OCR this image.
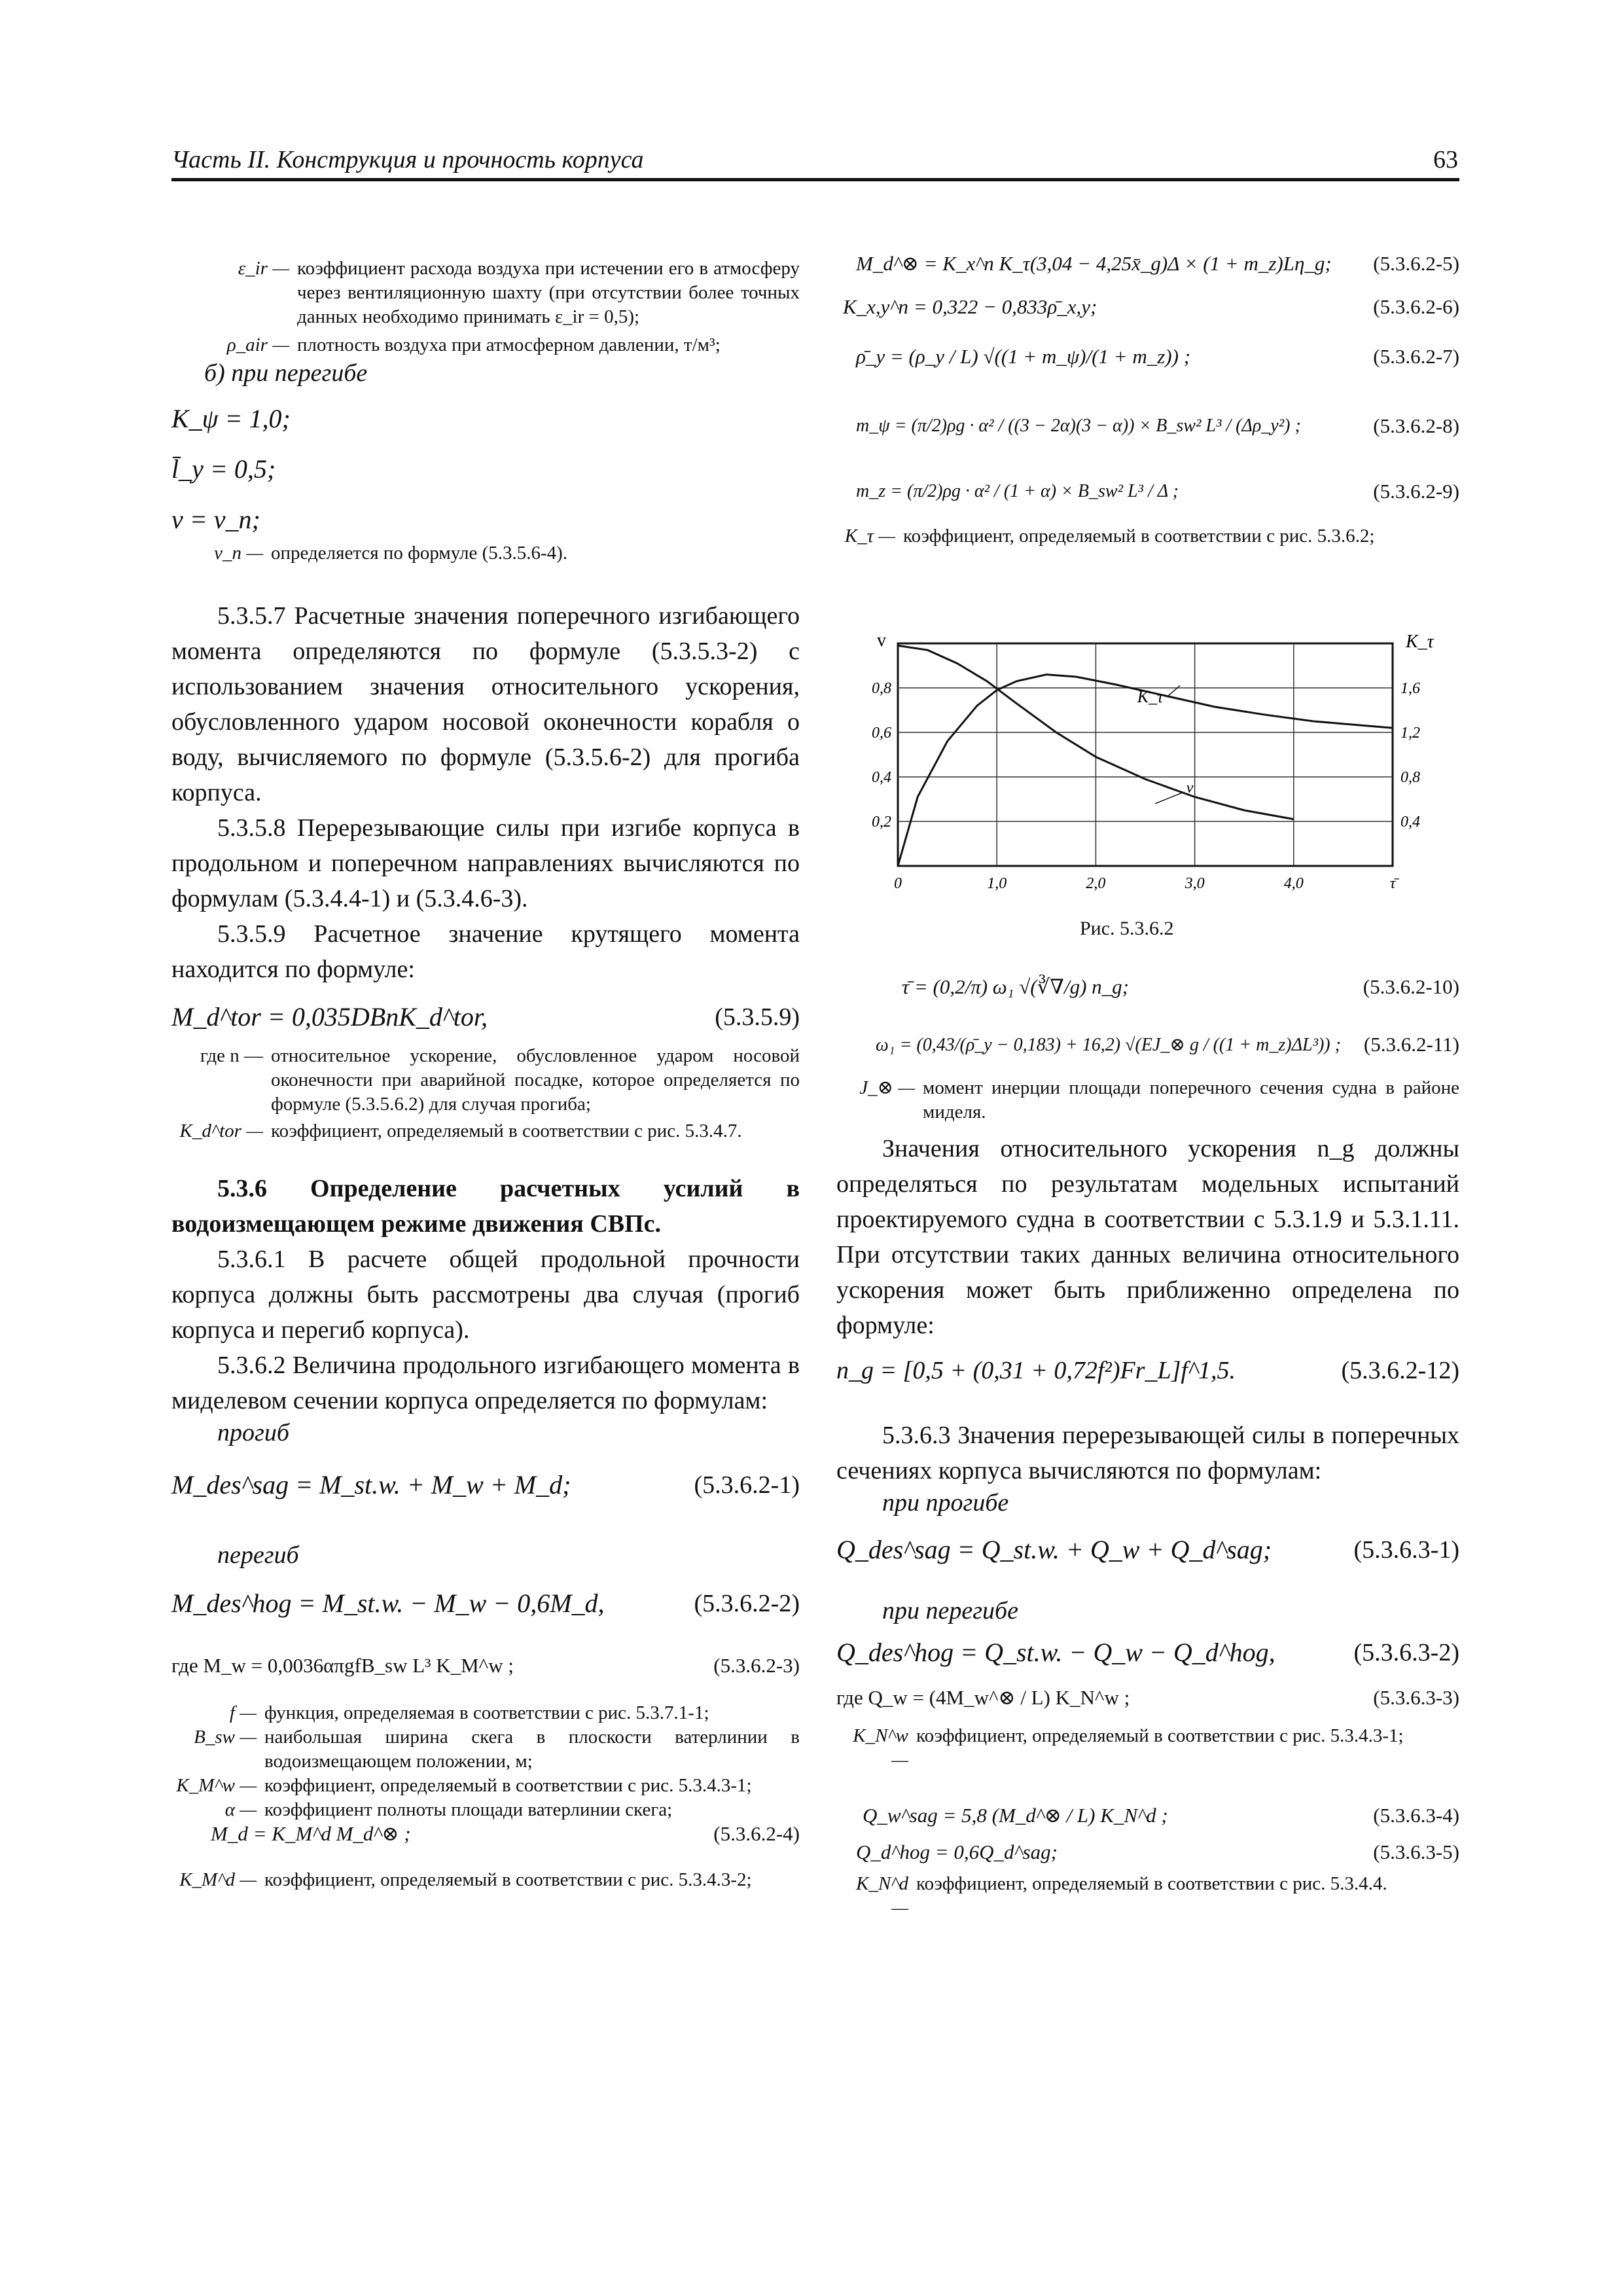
Часть II. Конструкция и прочность корпуса	63
ε_ir — коэффициент расхода воздуха при истечении его в атмосферу через вентиляционную шахту (при отсутствии более точных данных необходимо принимать ε_ir = 0,5);
ρ_air — плотность воздуха при атмосферном давлении, т/м³;
б) при перегибе
K_ψ = 1,0;
l̄_y = 0,5;
v = v_n;
v_n — определяется по формуле (5.3.5.6-4).
5.3.5.7 Расчетные значения поперечного изгибающего момента определяются по формуле (5.3.5.3-2) с использованием значения относительного ускорения, обусловленного ударом носовой оконечности корабля о воду, вычисляемого по формуле (5.3.5.6-2) для прогиба корпуса.
5.3.5.8 Перерезывающие силы при изгибе корпуса в продольном и поперечном направлениях вычисляются по формулам (5.3.4.4-1) и (5.3.4.6-3).
5.3.5.9 Расчетное значение крутящего момента находится по формуле:
M_d^tor = 0,035DBnK_d^tor,	(5.3.5.9)
где n — относительное ускорение, обусловленное ударом носовой оконечности при аварийной посадке, которое определяется по формуле (5.3.5.6.2) для случая прогиба;
K_d^tor — коэффициент, определяемый в соответствии с рис. 5.3.4.7.
5.3.6 Определение расчетных усилий в водоизмещающем режиме движения СВПс.
5.3.6.1 В расчете общей продольной прочности корпуса должны быть рассмотрены два случая (прогиб корпуса и перегиб корпуса).
5.3.6.2 Величина продольного изгибающего момента в миделевом сечении корпуса определяется по формулам:
прогиб
M_des^sag = M_st.w. + M_w + M_d;	(5.3.6.2-1)
перегиб
M_des^hog = M_st.w. − M_w − 0,6M_d,	(5.3.6.2-2)
где M_w = 0,0036απgfB_sw L³ K_M^w ;	(5.3.6.2-3)
f — функция, определяемая в соответствии с рис. 5.3.7.1-1;
B_sw — наибольшая ширина скега в плоскости ватерлинии в водоизмещающем положении, м;
K_M^w — коэффициент, определяемый в соответствии с рис. 5.3.4.3-1;
α — коэффициент полноты площади ватерлинии скега;
M_d = K_M^d M_d^⊗ ;	(5.3.6.2-4)
K_M^d — коэффициент, определяемый в соответствии с рис. 5.3.4.3-2;
M_d^⊗ = K_x^n K_τ(3,04 − 4,25x̄_g)Δ × (1 + m_z)Lη_g; (5.3.6.2-5)
K_x,y^n = 0,322 − 0,833ρ̄_x,y;	(5.3.6.2-6)
ρ̄_y = (ρ_y / L) √((1 + m_ψ)/(1 + m_z)) ;	(5.3.6.2-7)
m_ψ = (π/2)ρg · α² / ((3 − 2α)(3 − α)) × B_sw² L³ / (Δρ_y²) ;	(5.3.6.2-8)
m_z = (π/2)ρg · α² / (1 + α) × B_sw² L³ / Δ ;	(5.3.6.2-9)
K_τ — коэффициент, определяемый в соответствии с рис. 5.3.6.2;
0	1,0	2,0	3,0	4,0	τ̄
0,2
0,4
0,6
0,8
0,4
0,8
1,2
1,6
v	K_τ
K_τ
v
Рис. 5.3.6.2
τ̄ = (0,2/π) ω₁ √(∛∇/g) n_g;	(5.3.6.2-10)
ω₁ = (0,43/(ρ̄_y − 0,183) + 16,2) √(EJ_⊗ g / ((1 + m_z)ΔL³)) ; (5.3.6.2-11)
J_⊗ — момент инерции площади поперечного сечения судна в районе миделя.
Значения относительного ускорения n_g должны определяться по результатам модельных испытаний проектируемого судна в соответствии с 5.3.1.9 и 5.3.1.11. При отсутствии таких данных величина относительного ускорения может быть приближенно определена по формуле:
n_g = [0,5 + (0,31 + 0,72f²)Fr_L]f^1,5.	(5.3.6.2-12)
5.3.6.3 Значения перерезывающей силы в поперечных сечениях корпуса вычисляются по формулам:
при прогибе
Q_des^sag = Q_st.w. + Q_w + Q_d^sag;	(5.3.6.3-1)
при перегибе
Q_des^hog = Q_st.w. − Q_w − Q_d^hog,	(5.3.6.3-2)
где Q_w = (4M_w^⊗ / L) K_N^w ;	(5.3.6.3-3)
K_N^w —
коэффициент, определяемый в соответствии с рис. 5.3.4.3-1;
Q_w^sag = 5,8 (M_d^⊗ / L) K_N^d ;	(5.3.6.3-4)
Q_d^hog = 0,6Q_d^sag;	(5.3.6.3-5)
K_N^d —
коэффициент, определяемый в соответствии с рис. 5.3.4.4.
